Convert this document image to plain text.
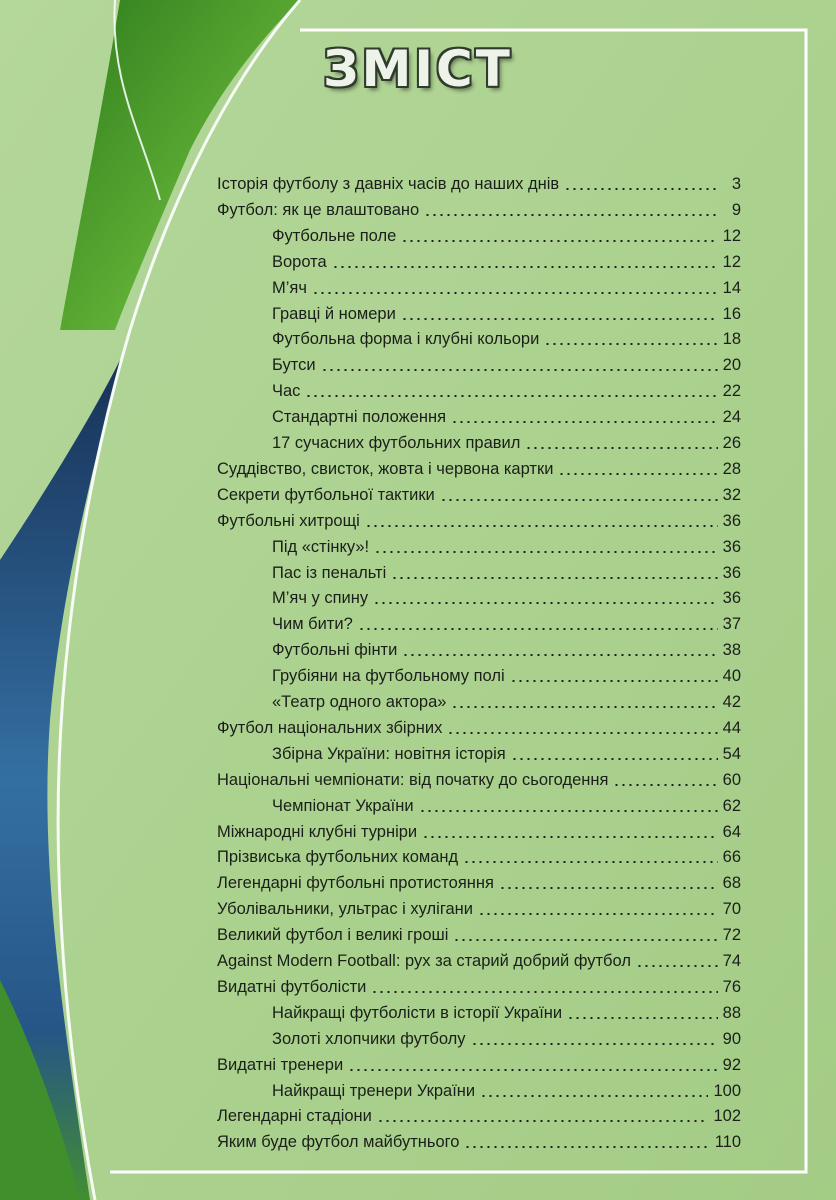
ЗМІСТ
Історія футболу з давніх часів до наших днів	3
Футбол: як це влаштовано	9
Футбольне поле	12
Ворота	12
М’яч	14
Гравці й номери	16
Футбольна форма і клубні кольори	18
Бутси	20
Час	22
Стандартні положення	24
17 сучасних футбольних правил	26
Суддівство, свисток, жовта і червона картки	28
Секрети футбольної тактики	32
Футбольні хитрощі	36
Під «стінку»!	36
Пас із пенальті	36
М’яч у спину	36
Чим бити?	37
Футбольні фінти	38
Грубіяни на футбольному полі	40
«Театр одного актора»	42
Футбол національних збірних	44
Збірна України: новітня історія	54
Національні чемпіонати: від початку до сьогодення	60
Чемпіонат України	62
Міжнародні клубні турніри	64
Прізвиська футбольних команд	66
Легендарні футбольні протистояння	68
Уболівальники, ультрас і хулігани	70
Великий футбол і великі гроші	72
Against Modern Football: рух за старий добрий футбол	74
Видатні футболісти	76
Найкращі футболісти в історії України	88
Золоті хлопчики футболу	90
Видатні тренери	92
Найкращі тренери України	100
Легендарні стадіони	102
Яким буде футбол майбутнього	110
